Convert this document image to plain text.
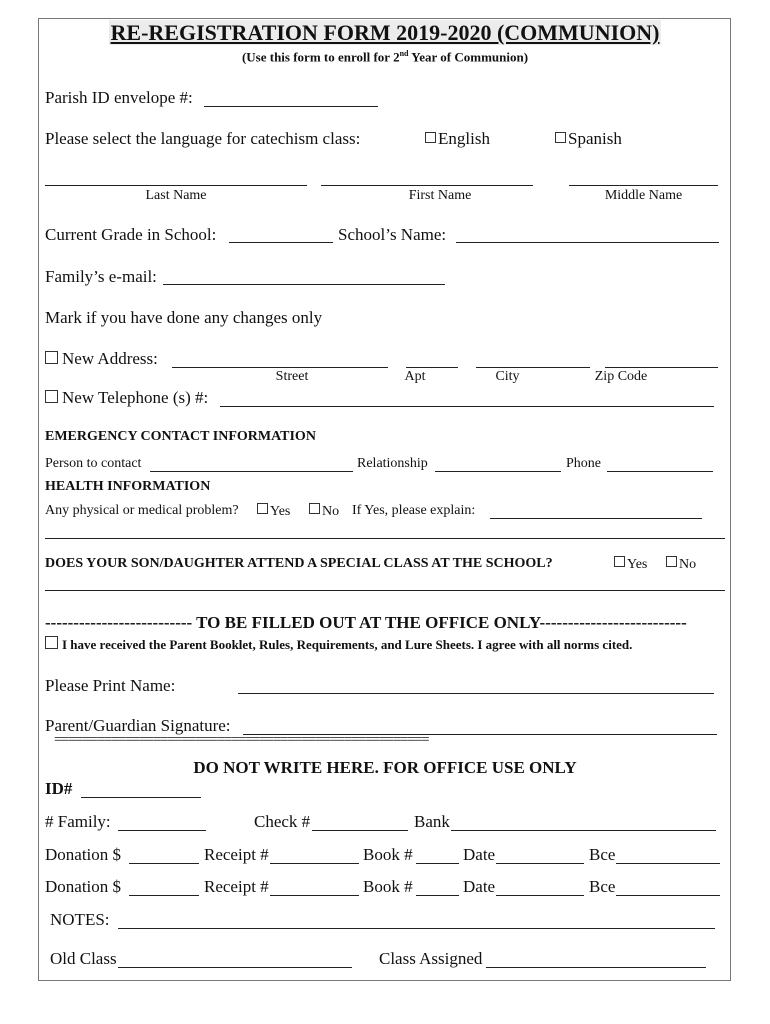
RE-REGISTRATION FORM 2019-2020 (COMMUNION)
(Use this form to enroll for 2nd Year of Communion)
Parish ID envelope #:
Please select the language for catechism class:	English	Spanish
Last Name	First Name	Middle Name
Current Grade in School:	School’s Name:
Family’s e-mail:
Mark if you have done any changes only
New Address:
Street	Apt	City	Zip Code
New Telephone (s) #:
EMERGENCY CONTACT INFORMATION
Person to contact	Relationship	Phone
HEALTH INFORMATION
Any physical or medical problem?	Yes	No If Yes, please explain:
DOES YOUR SON/DAUGHTER ATTEND A SPECIAL CLASS AT THE SCHOOL?	Yes	No
-------------------------- TO BE FILLED OUT AT THE OFFICE ONLY--------------------------
I have received the Parent Booklet, Rules, Requirements, and Lure Sheets. I agree with all norms cited.
Please Print Name:
Parent/Guardian Signature:
=====================================================
DO NOT WRITE HERE. FOR OFFICE USE ONLY
ID#
# Family:	Check #	Bank
Donation $	Receipt #	Book #	Date	Bce
Donation $	Receipt #	Book #	Date	Bce
NOTES:
Old Class	Class Assigned
